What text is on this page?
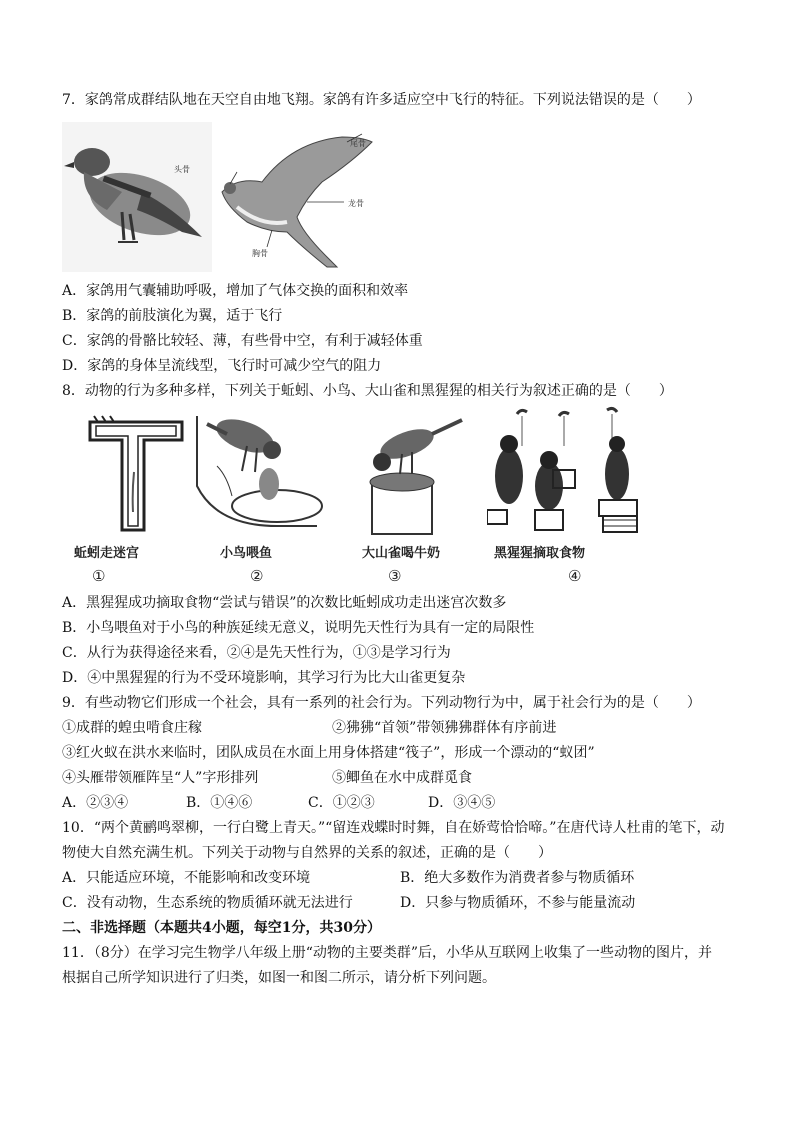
7．家鸽常成群结队地在天空自由地飞翔。家鸽有许多适应空中飞行的特征。下列说法错误的是（　　）
头骨
尾骨
龙骨
胸骨
A．家鸽用气囊辅助呼吸，增加了气体交换的面积和效率
B．家鸽的前肢演化为翼，适于飞行
C．家鸽的骨骼比较轻、薄，有些骨中空，有利于减轻体重
D．家鸽的身体呈流线型，飞行时可减少空气的阻力
8．动物的行为多种多样，下列关于蚯蚓、小鸟、大山雀和黑猩猩的相关行为叙述正确的是（　　）
蚯蚓走迷宫	小鸟喂鱼	大山雀喝牛奶	黑猩猩摘取食物
①	②	③	④
A．黑猩猩成功摘取食物“尝试与错误”的次数比蚯蚓成功走出迷宫次数多
B．小鸟喂鱼对于小鸟的种族延续无意义，说明先天性行为具有一定的局限性
C．从行为获得途径来看，②④是先天性行为，①③是学习行为
D．④中黑猩猩的行为不受环境影响，其学习行为比大山雀更复杂
9．有些动物它们形成一个社会，具有一系列的社会行为。下列动物行为中，属于社会行为的是（　　）
①成群的蝗虫啃食庄稼	②狒狒“首领”带领狒狒群体有序前进
③红火蚁在洪水来临时，团队成员在水面上用身体搭建“筏子”，形成一个漂动的“蚁团”
④头雁带领雁阵呈“人”字形排列	⑤鲫鱼在水中成群觅食
A．②③④	B．①④⑥	C．①②③	D．③④⑤
10．“两个黄鹂鸣翠柳，一行白鹭上青天。”“留连戏蝶时时舞，自在娇莺恰恰啼。”在唐代诗人杜甫的笔下，动
物使大自然充满生机。下列关于动物与自然界的关系的叙述，正确的是（　　）
A．只能适应环境，不能影响和改变环境	B．绝大多数作为消费者参与物质循环
C．没有动物，生态系统的物质循环就无法进行	D．只参与物质循环，不参与能量流动
二、非选择题（本题共4小题，每空1分，共30分）
11．（8分）在学习完生物学八年级上册“动物的主要类群”后，小华从互联网上收集了一些动物的图片，并
根据自己所学知识进行了归类，如图一和图二所示，请分析下列问题。
